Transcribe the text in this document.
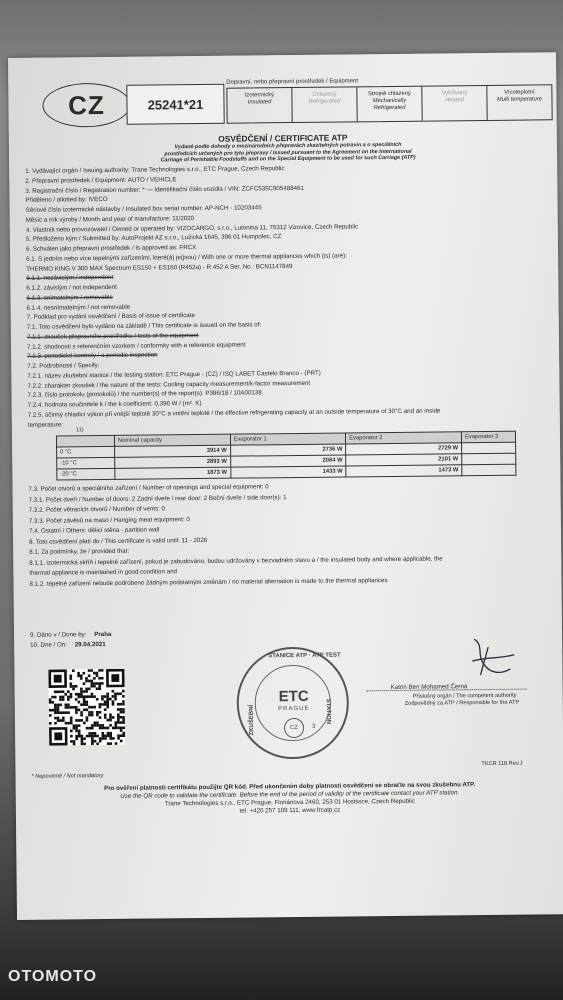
Dopravní, nebo přepravní prostředek / Equipment
CZ	25241*21
Izotermický
Insulated
Chlazený
Refrigerated
Strojně chlazený
Mechanically Refrigerated
Vyhřívaný
Heated
Vícoteplotní
Multi temperature
OSVĚDČENÍ / CERTIFICATE ATP
Vydané podle dohody o mezinárodních přepravách zkazitelných potravin a o speciálních
prostředcích určených pro tyto přepravy / Issued pursuant to the Agreement on the International
Carriage of Perishable Foodstuffs and on the Special Equipment to be used for such Carriage (ATP)
1. Vydávající orgán / Issuing authority: Trane Technologies s.r.o., ETC Prague, Czech Republic
2. Přepravní prostředek / Equipment: AUTO / VEHICLE
3. Registrační číslo / Registration number: * — Identifikační číslo vozidla / VIN: ZCFC535C905488461
Přiděleno / allotted by: IVECO
Sériové číslo izotermické nástavby / Insulated box serial number: AP-NCH - 10203445
Měsíc a rok výroby / Month and year of manufacture: 11/2020
4. Vlastník nebo provozovatel / Owned or operated by: VIZOCARGO, s.r.o., Lutonina 11, 76312 Vizovice, Czech Republic
5. Předloženo kým / Submitted by: AutoProjekt AZ s.r.o., Lužická 1645, 396 01 Humpolec, CZ
6. Schválen jako přepravní prostředek / Is approved as: FRCX
6.1. S jedním nebo více tepelnými zařízeními, které(á) je(jsou) / With one or more thermal appliances which (is) (are):
THERMO KING V 300 MAX Spectrum ES150 + ES150 (R452a) - R 452 A Ser. No.: BCN1147849
6.1.1. nezávislým / independent
6.1.2. závislým / not independent
6.1.3. snímatelným / removable
6.1.4. nesnímatelným / not removable
7. Podklad pro vydání osvědčení / Basis of issue of certificate
7.1. Toto osvědčení bylo vydáno na základě / This certificate is issued on the basis of:
7.1.1. zkoušek přepravního prostředku / tests of the equipment
7.1.2. shodnosti s referenčním vzorkem / conformity with a reference equipment
7.1.3. periodické kontroly / a periodic inspection
7.2. Podrobnosti / Specify:
7.2.1. název zkušební stanice / the testing station: ETC Prague - (CZ) / ISQ LABET Castelo Branco - (PRT)
7.2.2. charakter zkoušek / the nature of the tests: Cooling capacity measurement/k-factor measurement
7.2.3. číslo protokolu (protokolů) / the number(s) of the report(s): P386/18 / 10A00138
7.2.4. hodnota součinitele k / the k coefficient: 0,396 W / (m². K)
7.2.5. účinný chladicí výkon při vnější teplotě 30°C a vnitřní teplotě / the effective refrigerating capacity at an outside temperature of 30°C and an inside
temperature:
	Nominal capacity	Evaporator 1	Evaporator 2	Evaporator 3
0 °C	3914 W	2736 W	2729 W	
-10 °C	2893 W	2084 W	2101 W	
-20 °C	1873 W	1433 W	1473 W	
11)
7.3. Počet otvorů a speciálního zařízení / Number of openings and special equipment: 0
7.3.1. Počet dveří / Number of doors: 2 Zadní dveře / rear door: 2 Boční dveře / side door(s): 1
7.3.2. Počet větracích otvorů / Number of vents: 0
7.3.3. Počet závěsů na maso / Hanging meat equipment: 0
7.4. Ostatní / Others: dělicí stěna - partition wall
8. Toto osvědčení platí do / This certificate is valid until: 11 - 2026
8.1. Za podmínky, že / provided that:
8.1.1. izotermická skříň i tepelné zařízení, pokud je zabudováno, budou udržovány v bezvadném stavu a / the insulated body and where applicable, the
thermal appliance is maintained in good condition and
8.1.2. tepelné zařízení nebude podrobeno žádným podstatným změnám / no material alternation is made to the thermal appliances
9. Dáno v / Done by: Praha
10. Dne / On: 29.04.2021
STANICE ATP · ATP TEST
STATION
ZKUŠEBNÍ
ETC
PRAGUE
CZ	3
Katrin Ben Mohamed Černá
Příslušný orgán / The competent authority
Zodpovědný za ATP / Responsible for the ATP
TKCR 118 Rev.J
* Nepovinné / Not mandatory
Pro ověření platnosti certifikátu použijte QR kód. Před ukončením doby platnosti osvědčení se obraťte na svou zkušebnu ATP.
Use the QR code to validate the certificate. Before the end of the period of validity of the certificate contact your ATP station.
Trane Technologies s.r.o., ETC Prague, Floriánova 2460, 253 01 Hostivice, Czech Republic
tel. +420 257 109 111, www.frcatp.cz
OTOMOTO
